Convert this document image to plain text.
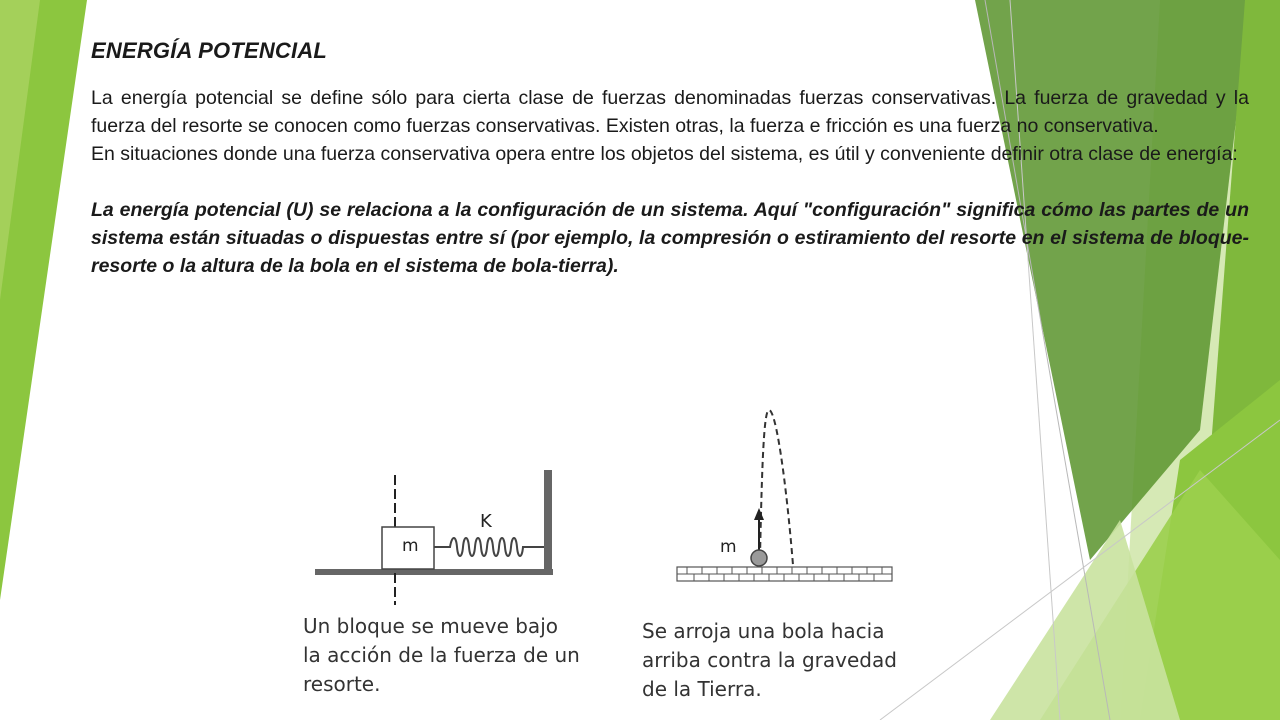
ENERGÍA POTENCIAL

La energía potencial se define sólo para cierta clase de fuerzas denominadas fuerzas conservativas. La fuerza de gravedad y la fuerza del resorte se conocen como fuerzas conservativas. Existen otras, la fuerza e fricción es una fuerza no conservativa.

En situaciones donde una fuerza conservativa opera entre los objetos del sistema, es útil y conveniente definir otra clase de energía:

La energía potencial (U) se relaciona a la configuración de un sistema. Aquí "configuración" significa cómo las partes de un sistema están situadas o dispuestas entre sí (por ejemplo, la compresión o estiramiento del resorte en el sistema de bloque-resorte o la altura de la bola en el sistema de bola-tierra).

m
K
Un bloque se mueve bajo
la acción de la fuerza de un
resorte.
m
Se arroja una bola hacia
arriba contra la gravedad
de la Tierra.
